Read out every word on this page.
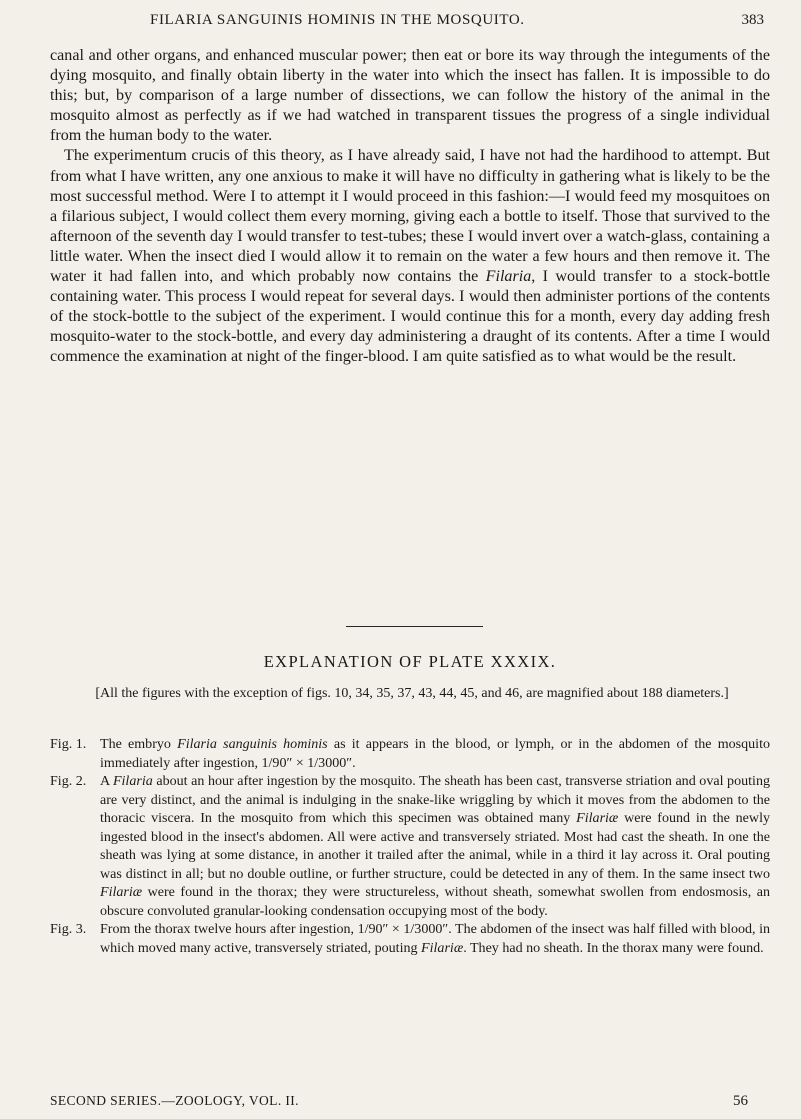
FILARIA SANGUINIS HOMINIS IN THE MOSQUITO.	383

canal and other organs, and enhanced muscular power; then eat or bore its way through the integuments of the dying mosquito, and finally obtain liberty in the water into which the insect has fallen. It is impossible to do this; but, by comparison of a large number of dissections, we can follow the history of the animal in the mosquito almost as perfectly as if we had watched in transparent tissues the progress of a single individual from the human body to the water.

The experimentum crucis of this theory, as I have already said, I have not had the hardihood to attempt. But from what I have written, any one anxious to make it will have no difficulty in gathering what is likely to be the most successful method. Were I to attempt it I would proceed in this fashion:—I would feed my mosquitoes on a filarious subject, I would collect them every morning, giving each a bottle to itself. Those that survived to the afternoon of the seventh day I would transfer to test-tubes; these I would invert over a watch-glass, containing a little water. When the insect died I would allow it to remain on the water a few hours and then remove it. The water it had fallen into, and which probably now contains the Filaria, I would transfer to a stock-bottle containing water. This process I would repeat for several days. I would then administer portions of the contents of the stock-bottle to the subject of the experiment. I would continue this for a month, every day adding fresh mosquito-water to the stock-bottle, and every day administering a draught of its contents. After a time I would commence the examination at night of the finger-blood. I am quite satisfied as to what would be the result.

EXPLANATION OF PLATE XXXIX.
[All the figures with the exception of figs. 10, 34, 35, 37, 43, 44, 45, and 46, are magnified about 188 diameters.]
Fig. 1. The embryo Filaria sanguinis hominis as it appears in the blood, or lymph, or in the abdomen of the mosquito immediately after ingestion, 1/90″ × 1/3000″.
Fig. 2. A Filaria about an hour after ingestion by the mosquito. The sheath has been cast, transverse striation and oval pouting are very distinct, and the animal is indulging in the snake-like wriggling by which it moves from the abdomen to the thoracic viscera. In the mosquito from which this specimen was obtained many Filariæ were found in the newly ingested blood in the insect's abdomen. All were active and transversely striated. Most had cast the sheath. In one the sheath was lying at some distance, in another it trailed after the animal, while in a third it lay across it. Oral pouting was distinct in all; but no double outline, or further structure, could be detected in any of them. In the same insect two Filariæ were found in the thorax; they were structureless, without sheath, somewhat swollen from endosmosis, an obscure convoluted granular-looking condensation occupying most of the body.
Fig. 3. From the thorax twelve hours after ingestion, 1/90″ × 1/3000″. The abdomen of the insect was half filled with blood, in which moved many active, transversely striated, pouting Filariæ. They had no sheath. In the thorax many were found.
SECOND SERIES.—ZOOLOGY, VOL. II.	56
